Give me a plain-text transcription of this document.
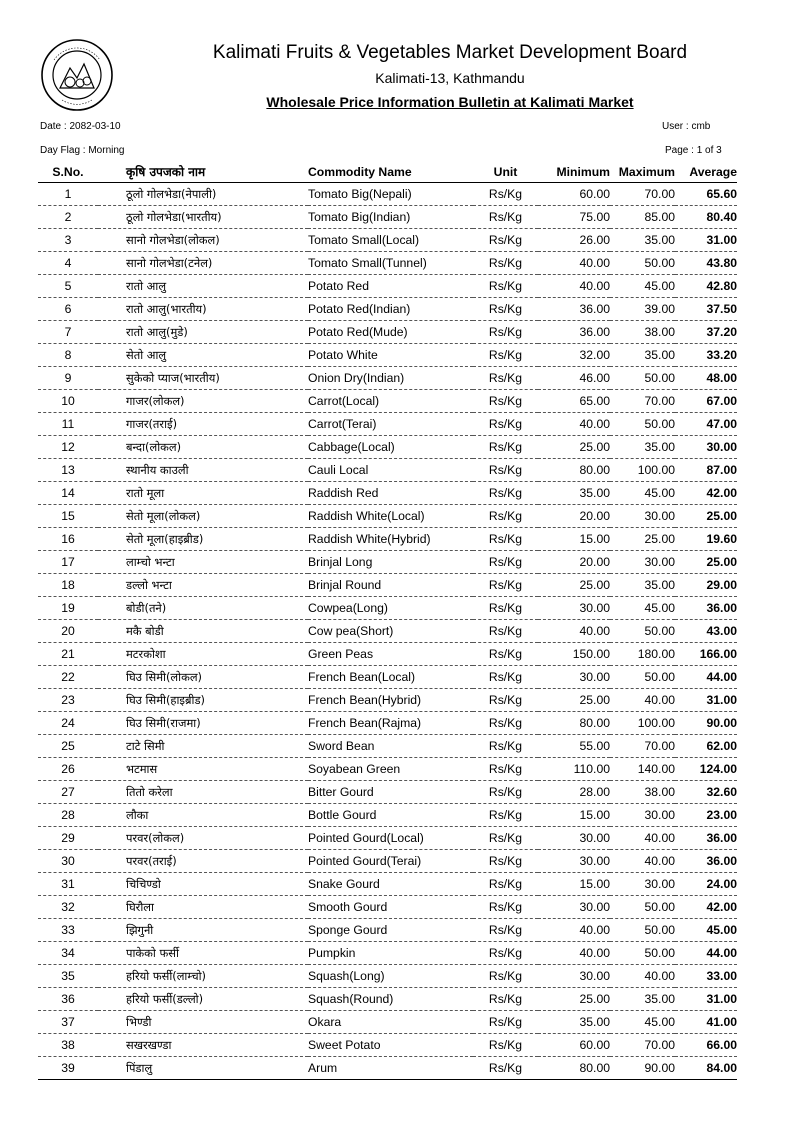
Kalimati Fruits & Vegetables Market Development Board
Kalimati-13, Kathmandu
Wholesale Price Information Bulletin at Kalimati Market
Date : 2082-03-10	User : cmb
Day Flag : Morning	Page : 1 of 3
S.No.	कृषि उपजको नाम	Commodity Name	Unit	Minimum	Maximum	Average
1	ठूलो गोलभेडा(नेपाली)	Tomato Big(Nepali)	Rs/Kg	60.00	70.00	65.60
2	ठूलो गोलभेडा(भारतीय)	Tomato Big(Indian)	Rs/Kg	75.00	85.00	80.40
3	सानो गोलभेडा(लोकल)	Tomato Small(Local)	Rs/Kg	26.00	35.00	31.00
4	सानो गोलभेडा(टनेल)	Tomato Small(Tunnel)	Rs/Kg	40.00	50.00	43.80
5	रातो आलु	Potato Red	Rs/Kg	40.00	45.00	42.80
6	रातो आलु(भारतीय)	Potato Red(Indian)	Rs/Kg	36.00	39.00	37.50
7	रातो आलु(मुडे)	Potato Red(Mude)	Rs/Kg	36.00	38.00	37.20
8	सेतो आलु	Potato White	Rs/Kg	32.00	35.00	33.20
9	सुकेको प्याज(भारतीय)	Onion Dry(Indian)	Rs/Kg	46.00	50.00	48.00
10	गाजर(लोकल)	Carrot(Local)	Rs/Kg	65.00	70.00	67.00
11	गाजर(तराई)	Carrot(Terai)	Rs/Kg	40.00	50.00	47.00
12	बन्दा(लोकल)	Cabbage(Local)	Rs/Kg	25.00	35.00	30.00
13	स्थानीय काउली	Cauli Local	Rs/Kg	80.00	100.00	87.00
14	रातो मूला	Raddish Red	Rs/Kg	35.00	45.00	42.00
15	सेतो मूला(लोकल)	Raddish White(Local)	Rs/Kg	20.00	30.00	25.00
16	सेतो मूला(हाइब्रीड)	Raddish White(Hybrid)	Rs/Kg	15.00	25.00	19.60
17	लाम्चो भन्टा	Brinjal Long	Rs/Kg	20.00	30.00	25.00
18	डल्लो भन्टा	Brinjal Round	Rs/Kg	25.00	35.00	29.00
19	बोडी(तने)	Cowpea(Long)	Rs/Kg	30.00	45.00	36.00
20	मकै बोडी	Cow pea(Short)	Rs/Kg	40.00	50.00	43.00
21	मटरकोशा	Green Peas	Rs/Kg	150.00	180.00	166.00
22	घिउ सिमी(लोकल)	French Bean(Local)	Rs/Kg	30.00	50.00	44.00
23	घिउ सिमी(हाइब्रीड)	French Bean(Hybrid)	Rs/Kg	25.00	40.00	31.00
24	घिउ सिमी(राजमा)	French Bean(Rajma)	Rs/Kg	80.00	100.00	90.00
25	टाटे सिमी	Sword Bean	Rs/Kg	55.00	70.00	62.00
26	भटमास	Soyabean Green	Rs/Kg	110.00	140.00	124.00
27	तितो करेला	Bitter Gourd	Rs/Kg	28.00	38.00	32.60
28	लौका	Bottle Gourd	Rs/Kg	15.00	30.00	23.00
29	परवर(लोकल)	Pointed Gourd(Local)	Rs/Kg	30.00	40.00	36.00
30	परवर(तराई)	Pointed Gourd(Terai)	Rs/Kg	30.00	40.00	36.00
31	चिचिण्डो	Snake Gourd	Rs/Kg	15.00	30.00	24.00
32	घिरौला	Smooth Gourd	Rs/Kg	30.00	50.00	42.00
33	झिगुनी	Sponge Gourd	Rs/Kg	40.00	50.00	45.00
34	पाकेको फर्सी	Pumpkin	Rs/Kg	40.00	50.00	44.00
35	हरियो फर्सी(लाम्चो)	Squash(Long)	Rs/Kg	30.00	40.00	33.00
36	हरियो फर्सी(डल्लो)	Squash(Round)	Rs/Kg	25.00	35.00	31.00
37	भिण्डी	Okara	Rs/Kg	35.00	45.00	41.00
38	सखरखण्डा	Sweet Potato	Rs/Kg	60.00	70.00	66.00
39	पिंडालु	Arum	Rs/Kg	80.00	90.00	84.00
